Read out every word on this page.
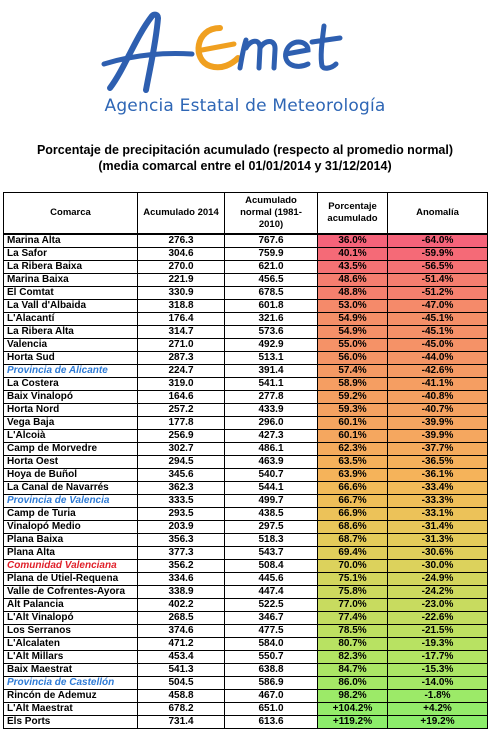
Agencia Estatal de Meteorología
Porcentaje de precipitación acumulado (respecto al promedio normal)
(media comarcal entre el 01/01/2014 y 31/12/2014)
Comarca	Acumulado 2014	Acumulado normal (1981-2010)	Porcentaje acumulado	Anomalía
Marina Alta	276.3	767.6	36.0%	-64.0%
La Safor	304.6	759.9	40.1%	-59.9%
La Ribera Baixa	270.0	621.0	43.5%	-56.5%
Marina Baixa	221.9	456.5	48.6%	-51.4%
El Comtat	330.9	678.5	48.8%	-51.2%
La Vall d'Albaida	318.8	601.8	53.0%	-47.0%
L'Alacantí	176.4	321.6	54.9%	-45.1%
La Ribera Alta	314.7	573.6	54.9%	-45.1%
Valencia	271.0	492.9	55.0%	-45.0%
Horta Sud	287.3	513.1	56.0%	-44.0%
Provincia de Alicante	224.7	391.4	57.4%	-42.6%
La Costera	319.0	541.1	58.9%	-41.1%
Baix Vinalopó	164.6	277.8	59.2%	-40.8%
Horta Nord	257.2	433.9	59.3%	-40.7%
Vega Baja	177.8	296.0	60.1%	-39.9%
L'Alcoià	256.9	427.3	60.1%	-39.9%
Camp de Morvedre	302.7	486.1	62.3%	-37.7%
Horta Oest	294.5	463.9	63.5%	-36.5%
Hoya de Buñol	345.6	540.7	63.9%	-36.1%
La Canal de Navarrés	362.3	544.1	66.6%	-33.4%
Provincia de Valencia	333.5	499.7	66.7%	-33.3%
Camp de Turia	293.5	438.5	66.9%	-33.1%
Vinalopó Medio	203.9	297.5	68.6%	-31.4%
Plana Baixa	356.3	518.3	68.7%	-31.3%
Plana Alta	377.3	543.7	69.4%	-30.6%
Comunidad Valenciana	356.2	508.4	70.0%	-30.0%
Plana de Utiel-Requena	334.6	445.6	75.1%	-24.9%
Valle de Cofrentes-Ayora	338.9	447.4	75.8%	-24.2%
Alt Palancia	402.2	522.5	77.0%	-23.0%
L'Alt Vinalopó	268.5	346.7	77.4%	-22.6%
Los Serranos	374.6	477.5	78.5%	-21.5%
L'Alcalaten	471.2	584.0	80.7%	-19.3%
L'Alt Millars	453.4	550.7	82.3%	-17.7%
Baix Maestrat	541.3	638.8	84.7%	-15.3%
Provincia de Castellón	504.5	586.9	86.0%	-14.0%
Rincón de Ademuz	458.8	467.0	98.2%	-1.8%
L'Alt Maestrat	678.2	651.0	+104.2%	+4.2%
Els Ports	731.4	613.6	+119.2%	+19.2%
